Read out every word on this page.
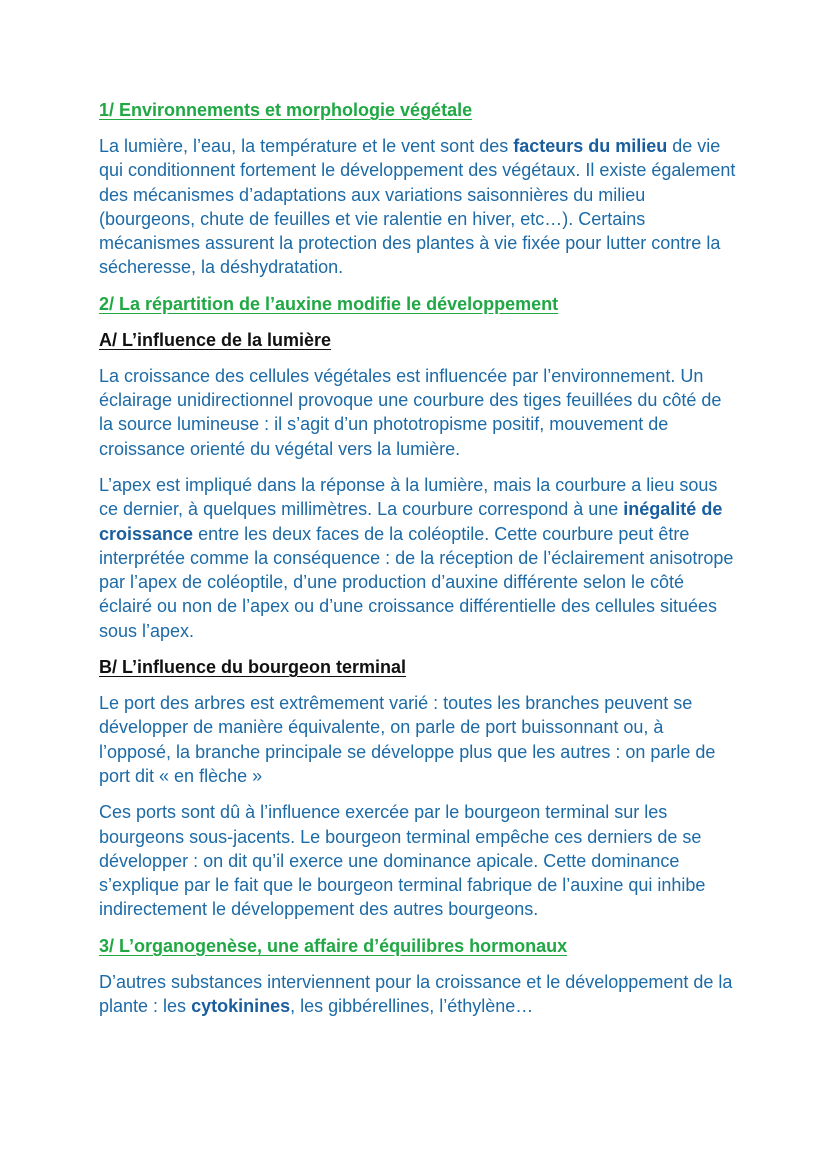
1/ Environnements et morphologie végétale

La lumière, l’eau, la température et le vent sont des facteurs du milieu de vie qui conditionnent fortement le développement des végétaux. Il existe également des mécanismes d’adaptations aux variations saisonnières du milieu (bourgeons, chute de feuilles et vie ralentie en hiver, etc…). Certains mécanismes assurent la protection des plantes à vie fixée pour lutter contre la sécheresse, la déshydratation.

2/ La répartition de l’auxine modifie le développement
A/ L’influence de la lumière

La croissance des cellules végétales est influencée par l’environnement. Un éclairage unidirectionnel provoque une courbure des tiges feuillées du côté de la source lumineuse : il s’agit d’un phototropisme positif, mouvement de croissance orienté du végétal vers la lumière.

L’apex est impliqué dans la réponse à la lumière, mais la courbure a lieu sous ce dernier, à quelques millimètres. La courbure correspond à une inégalité de croissance entre les deux faces de la coléoptile. Cette courbure peut être interprétée comme la conséquence : de la réception de l’éclairement anisotrope par l’apex de coléoptile, d’une production d’auxine différente selon le côté éclairé ou non de l’apex ou d’une croissance différentielle des cellules situées sous l’apex.

B/ L’influence du bourgeon terminal

Le port des arbres est extrêmement varié : toutes les branches peuvent se développer de manière équivalente, on parle de port buissonnant ou, à l’opposé, la branche principale se développe plus que les autres : on parle de port dit « en flèche »

Ces ports sont dû à l’influence exercée par le bourgeon terminal sur les bourgeons sous-jacents. Le bourgeon terminal empêche ces derniers de se développer : on dit qu’il exerce une dominance apicale. Cette dominance s’explique par le fait que le bourgeon terminal fabrique de l’auxine qui inhibe indirectement le développement des autres bourgeons.

3/ L’organogenèse, une affaire d’équilibres hormonaux

D’autres substances interviennent pour la croissance et le développement de la plante : les cytokinines, les gibbérellines, l’éthylène…
